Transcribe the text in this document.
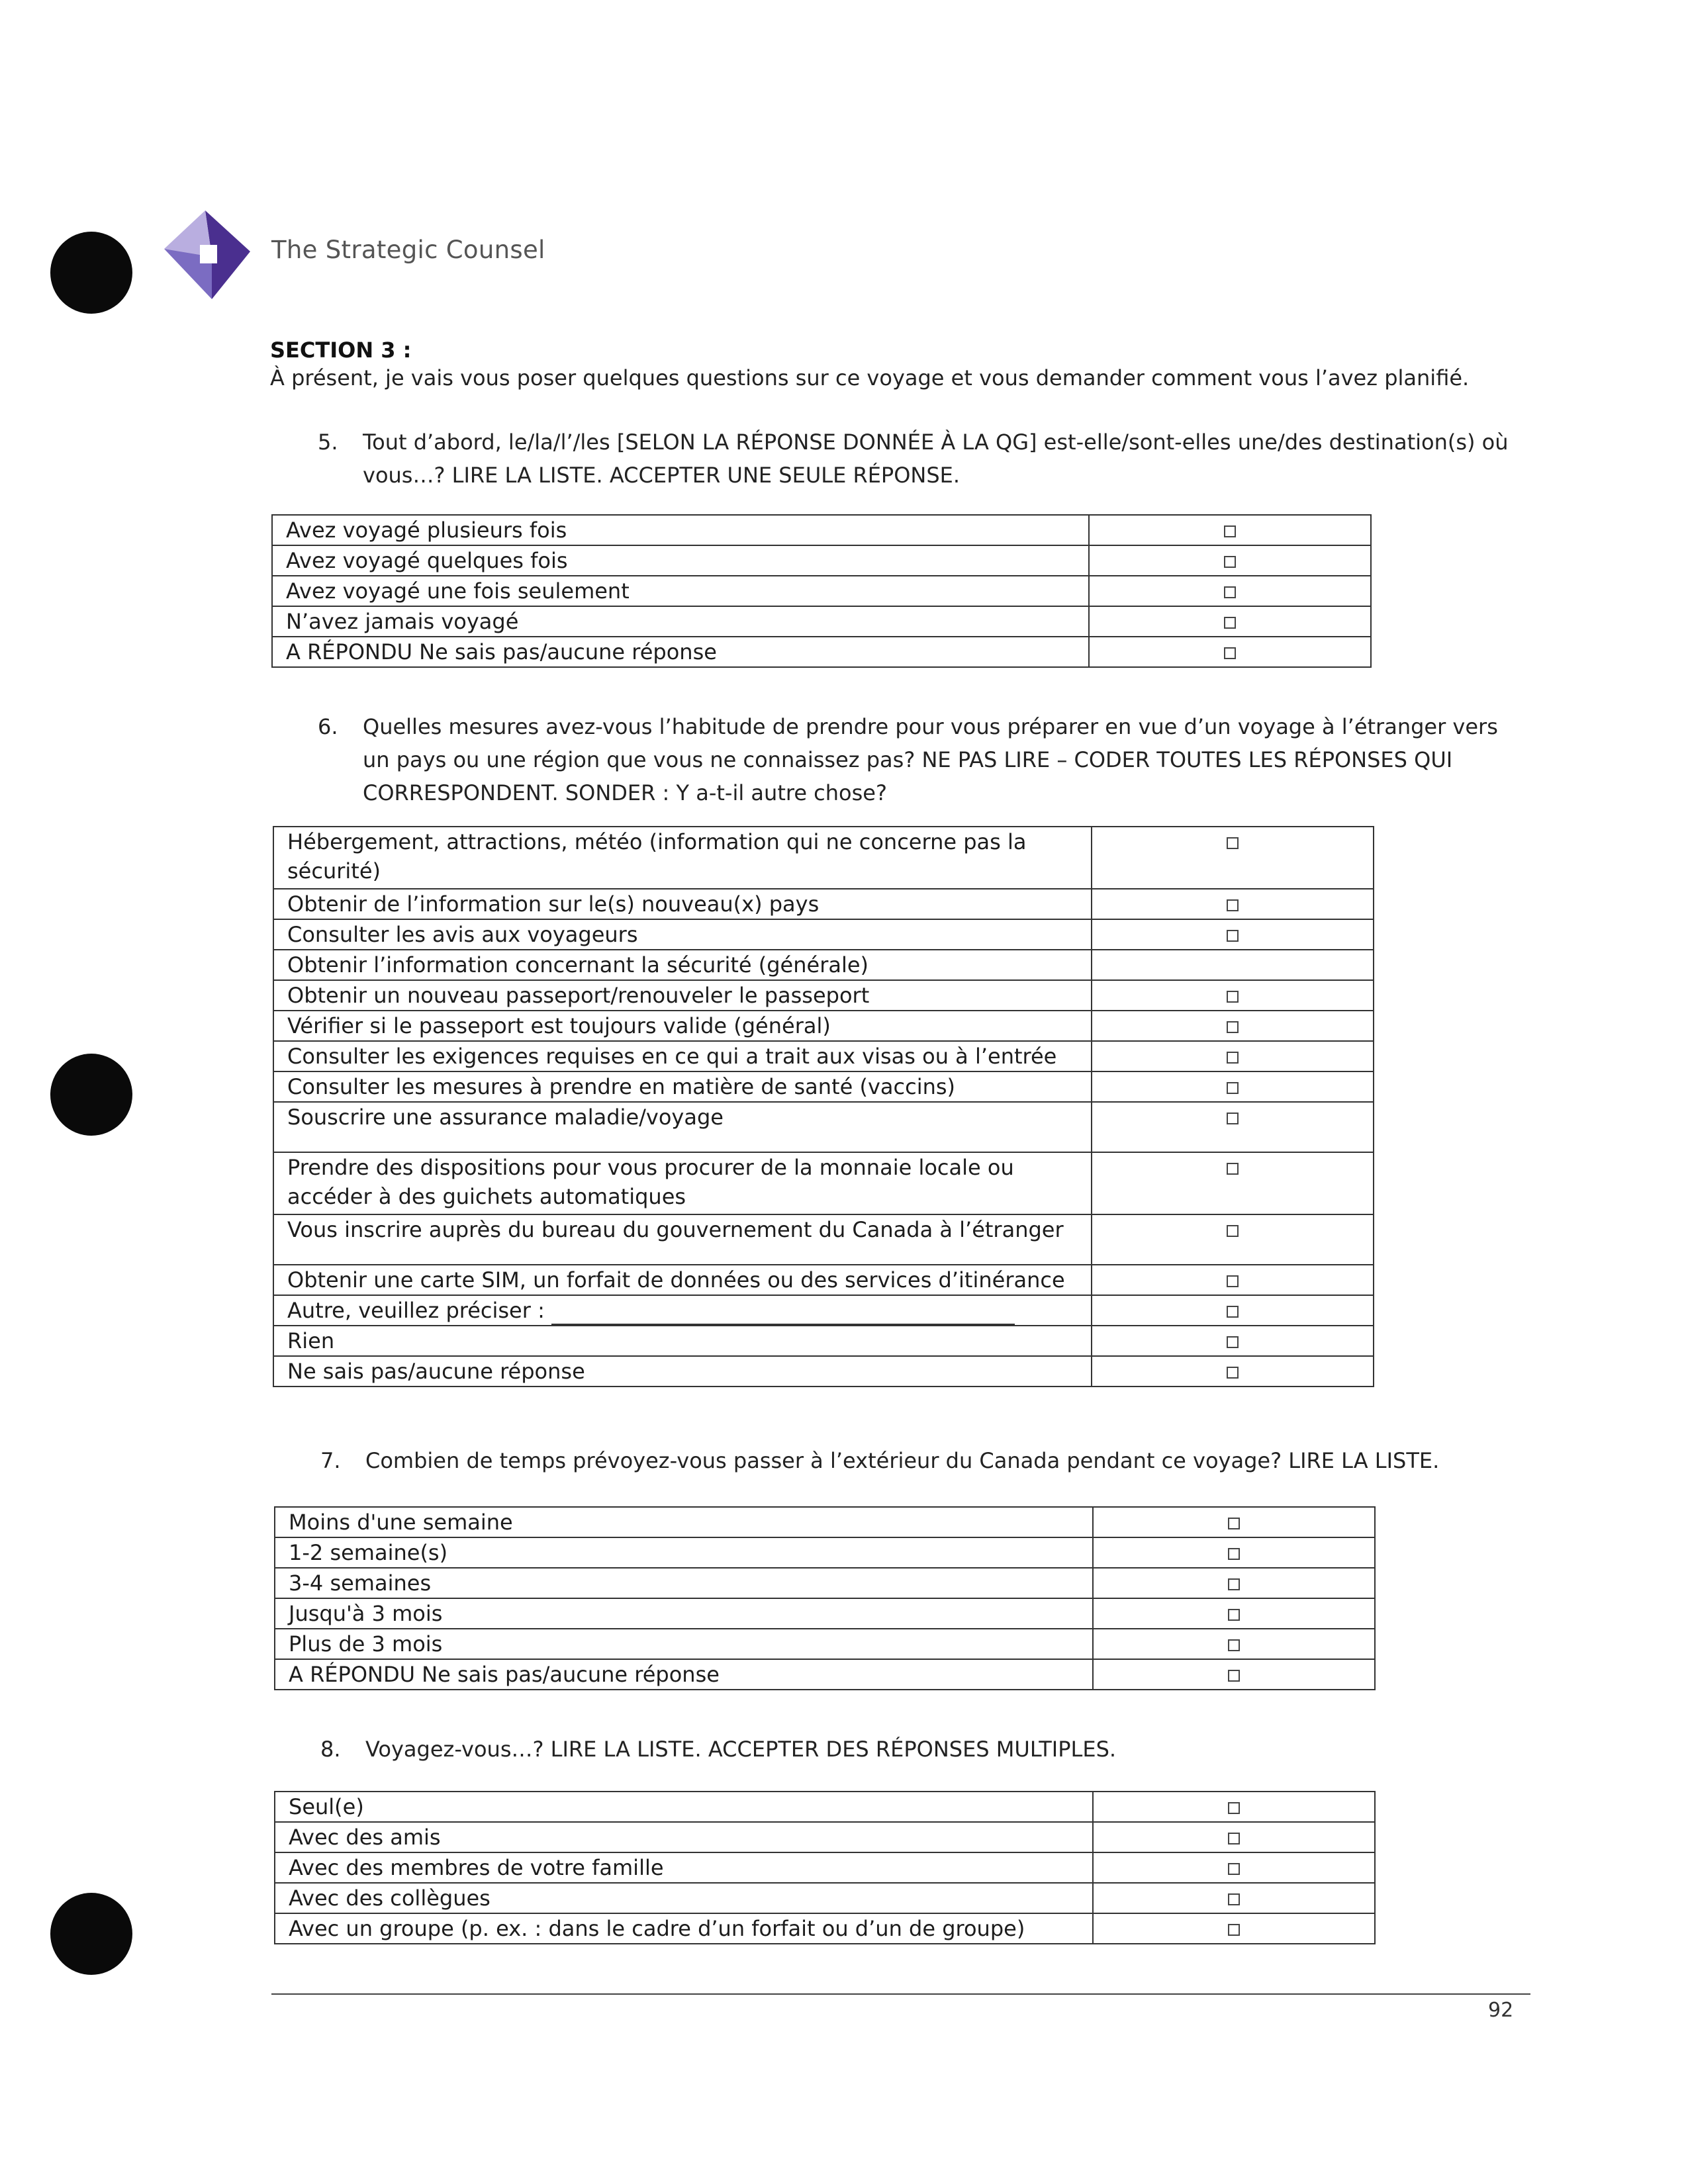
The Strategic Counsel
SECTION 3 :
À présent, je vais vous poser quelques questions sur ce voyage et vous demander comment vous l’avez planifié.
5. Tout d’abord, le/la/l’/les [SELON LA RÉPONSE DONNÉE À LA QG] est-elle/sont-elles une/des destination(s) où
vous…? LIRE LA LISTE. ACCEPTER UNE SEULE RÉPONSE.
Avez voyagé plusieurs fois	
Avez voyagé quelques fois	
Avez voyagé une fois seulement	
N’avez jamais voyagé	
A RÉPONDU Ne sais pas/aucune réponse	
6. Quelles mesures avez-vous l’habitude de prendre pour vous préparer en vue d’un voyage à l’étranger vers
un pays ou une région que vous ne connaissez pas? NE PAS LIRE – CODER TOUTES LES RÉPONSES QUI
CORRESPONDENT. SONDER : Y a-t-il autre chose?
Hébergement, attractions, météo (information qui ne concerne pas la
sécurité)	

Obtenir de l’information sur le(s) nouveau(x) pays	
Consulter les avis aux voyageurs	
Obtenir l’information concernant la sécurité (générale)	
Obtenir un nouveau passeport/renouveler le passeport	
Vérifier si le passeport est toujours valide (général)	
Consulter les exigences requises en ce qui a trait aux visas ou à l’entrée	
Consulter les mesures à prendre en matière de santé (vaccins)	
Souscrire une assurance maladie/voyage	

Prendre des dispositions pour vous procurer de la monnaie locale ou
accéder à des guichets automatiques	

Vous inscrire auprès du bureau du gouvernement du Canada à l’étranger	
Obtenir une carte SIM, un forfait de données ou des services d’itinérance	
Autre, veuillez préciser :	
Rien	
Ne sais pas/aucune réponse	
7. Combien de temps prévoyez-vous passer à l’extérieur du Canada pendant ce voyage? LIRE LA LISTE.
Moins d'une semaine	
1-2 semaine(s)	
3-4 semaines	
Jusqu'à 3 mois	
Plus de 3 mois	
A RÉPONDU Ne sais pas/aucune réponse	
8. Voyagez-vous…? LIRE LA LISTE. ACCEPTER DES RÉPONSES MULTIPLES.
Seul(e)	
Avec des amis	
Avec des membres de votre famille	
Avec des collègues	
Avec un groupe (p. ex. : dans le cadre d’un forfait ou d’un de groupe)	
92
